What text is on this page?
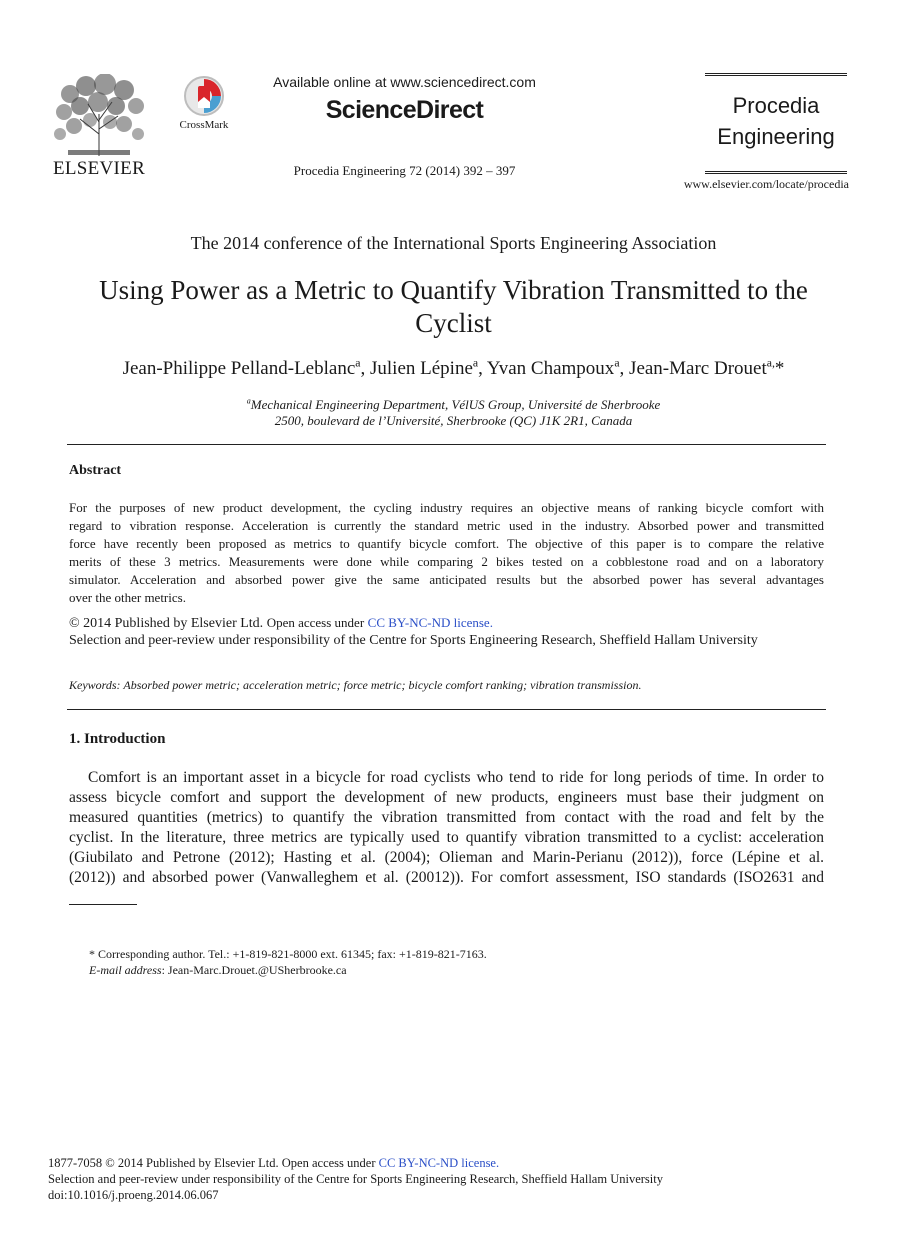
ELSEVIER
CrossMark
Available online at www.sciencedirect.com
ScienceDirect
Procedia Engineering 72 (2014) 392 – 397
Procedia
Engineering
www.elsevier.com/locate/procedia
The 2014 conference of the International Sports Engineering Association
Using Power as a Metric to Quantify Vibration Transmitted to the
Cyclist
Jean-Philippe Pelland-Leblanc$^a$, Julien Lépine$^a$, Yvan Champoux$^a$, Jean-Marc Drouet$^{a,}$*
$^a$Mechanical Engineering Department, VélUS Group, Université de Sherbrooke
2500, boulevard de l’Université, Sherbrooke (QC) J1K 2R1, Canada
Abstract
For the purposes of new product development, the cycling industry requires an objective means of ranking bicycle comfort with
regard to vibration response. Acceleration is currently the standard metric used in the industry. Absorbed power and transmitted
force have recently been proposed as metrics to quantify bicycle comfort. The objective of this paper is to compare the relative
merits of these 3 metrics. Measurements were done while comparing 2 bikes tested on a cobblestone road and on a laboratory
simulator. Acceleration and absorbed power give the same anticipated results but the absorbed power has several advantages
over the other metrics.
© 2014 Published by Elsevier Ltd. Open access under CC BY-NC-ND license.
Selection and peer-review under responsibility of the Centre for Sports Engineering Research, Sheffield Hallam University
Keywords: Absorbed power metric; acceleration metric; force metric; bicycle comfort ranking; vibration transmission.
1. Introduction
Comfort is an important asset in a bicycle for road cyclists who tend to ride for long periods of time. In order to
assess bicycle comfort and support the development of new products, engineers must base their judgment on
measured quantities (metrics) to quantify the vibration transmitted from contact with the road and felt by the
cyclist. In the literature, three metrics are typically used to quantify vibration transmitted to a cyclist: acceleration
(Giubilato and Petrone (2012); Hasting et al. (2004); Olieman and Marin-Perianu (2012)), force (Lépine et al.
(2012)) and absorbed power (Vanwalleghem et al. (20012)). For comfort assessment, ISO standards (ISO2631 and
* Corresponding author. Tel.: +1-819-821-8000 ext. 61345; fax: +1-819-821-7163.
E-mail address: Jean-Marc.Drouet.@USherbrooke.ca
1877-7058 © 2014 Published by Elsevier Ltd. Open access under CC BY-NC-ND license.
Selection and peer-review under responsibility of the Centre for Sports Engineering Research, Sheffield Hallam University
doi:10.1016/j.proeng.2014.06.067
